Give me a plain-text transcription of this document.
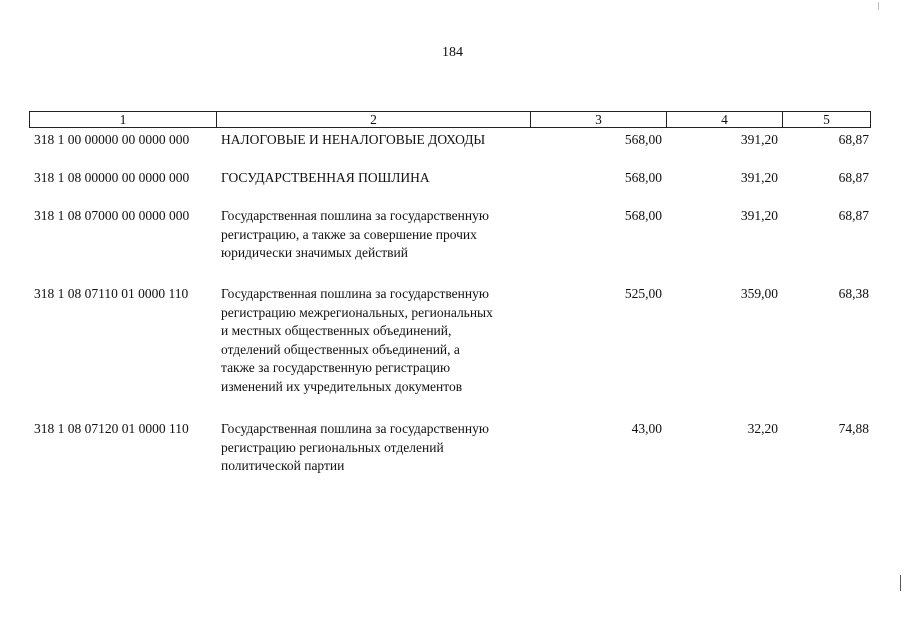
184
1	2	3	4	5
318 1 00 00000 00 0000 000	НАЛОГОВЫЕ И НЕНАЛОГОВЫЕ ДОХОДЫ	568,00	391,20	68,87
318 1 08 00000 00 0000 000	ГОСУДАРСТВЕННАЯ ПОШЛИНА	568,00	391,20	68,87
318 1 08 07000 00 0000 000	Государственная пошлина за государственную
регистрацию, а также за совершение прочих
юридически значимых действий
568,00	391,20	68,87
318 1 08 07110 01 0000 110	Государственная пошлина за государственную
регистрацию межрегиональных, региональных
и местных общественных объединений,
отделений общественных объединений, а
также за государственную регистрацию
изменений их учредительных документов
525,00	359,00	68,38
318 1 08 07120 01 0000 110	Государственная пошлина за государственную
регистрацию региональных отделений
политической партии
43,00	32,20	74,88
